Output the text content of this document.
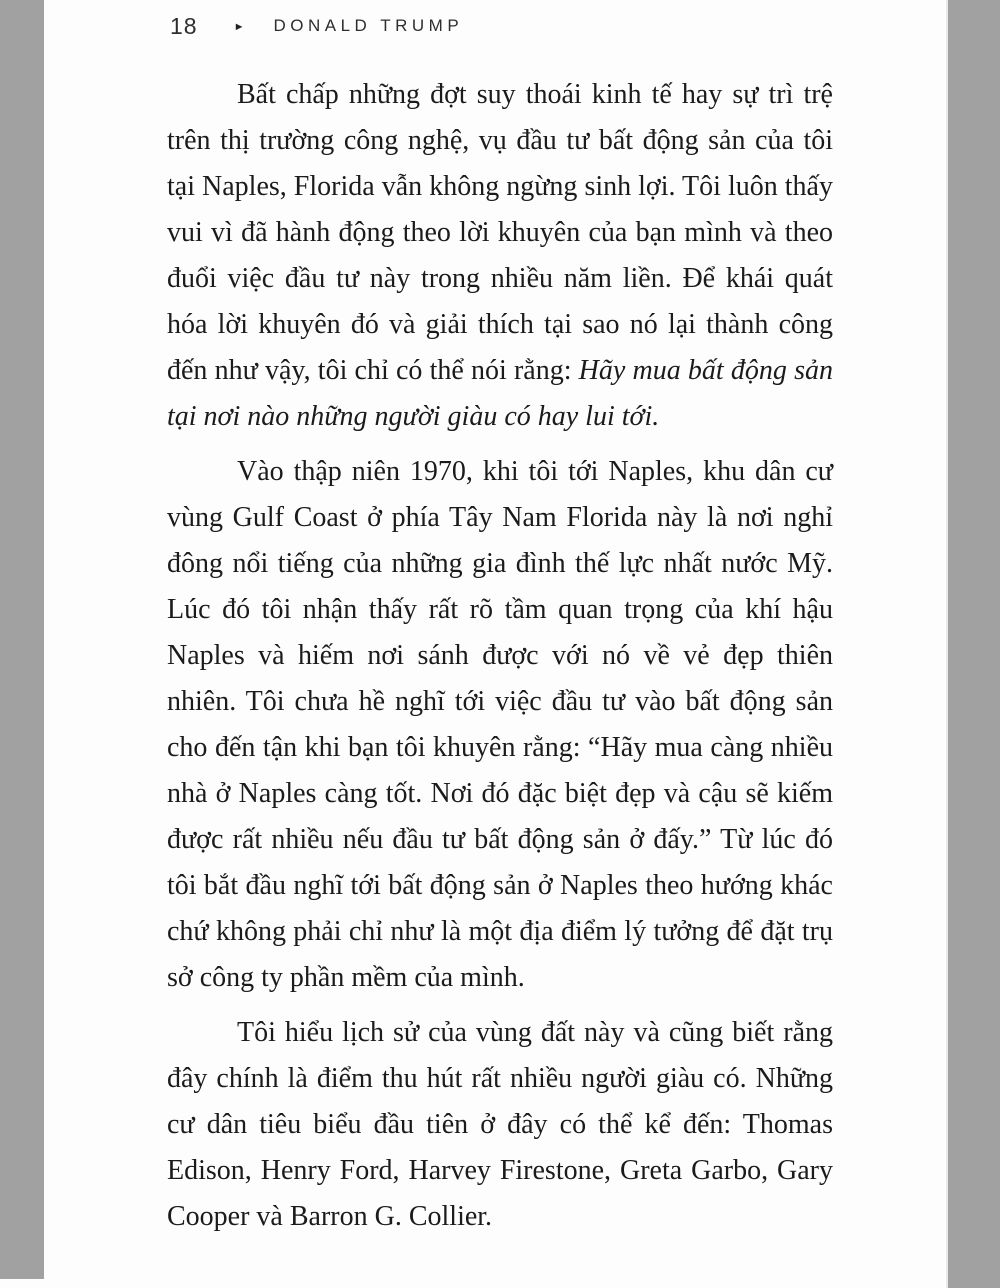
18	► DONALD TRUMP

Bất chấp những đợt suy thoái kinh tế hay sự trì trệ trên thị trường công nghệ, vụ đầu tư bất động sản của tôi tại Naples, Florida vẫn không ngừng sinh lợi. Tôi luôn thấy vui vì đã hành động theo lời khuyên của bạn mình và theo đuổi việc đầu tư này trong nhiều năm liền. Để khái quát hóa lời khuyên đó và giải thích tại sao nó lại thành công đến như vậy, tôi chỉ có thể nói rằng: Hãy mua bất động sản tại nơi nào những người giàu có hay lui tới.

Vào thập niên 1970, khi tôi tới Naples, khu dân cư vùng Gulf Coast ở phía Tây Nam Florida này là nơi nghỉ đông nổi tiếng của những gia đình thế lực nhất nước Mỹ. Lúc đó tôi nhận thấy rất rõ tầm quan trọng của khí hậu Naples và hiếm nơi sánh được với nó về vẻ đẹp thiên nhiên. Tôi chưa hề nghĩ tới việc đầu tư vào bất động sản cho đến tận khi bạn tôi khuyên rằng: “Hãy mua càng nhiều nhà ở Naples càng tốt. Nơi đó đặc biệt đẹp và cậu sẽ kiếm được rất nhiều nếu đầu tư bất động sản ở đấy.” Từ lúc đó tôi bắt đầu nghĩ tới bất động sản ở Naples theo hướng khác chứ không phải chỉ như là một địa điểm lý tưởng để đặt trụ sở công ty phần mềm của mình.

Tôi hiểu lịch sử của vùng đất này và cũng biết rằng đây chính là điểm thu hút rất nhiều người giàu có. Những cư dân tiêu biểu đầu tiên ở đây có thể kể đến: Thomas Edison, Henry Ford, Harvey Firestone, Greta Garbo, Gary Cooper và Barron G. Collier.
